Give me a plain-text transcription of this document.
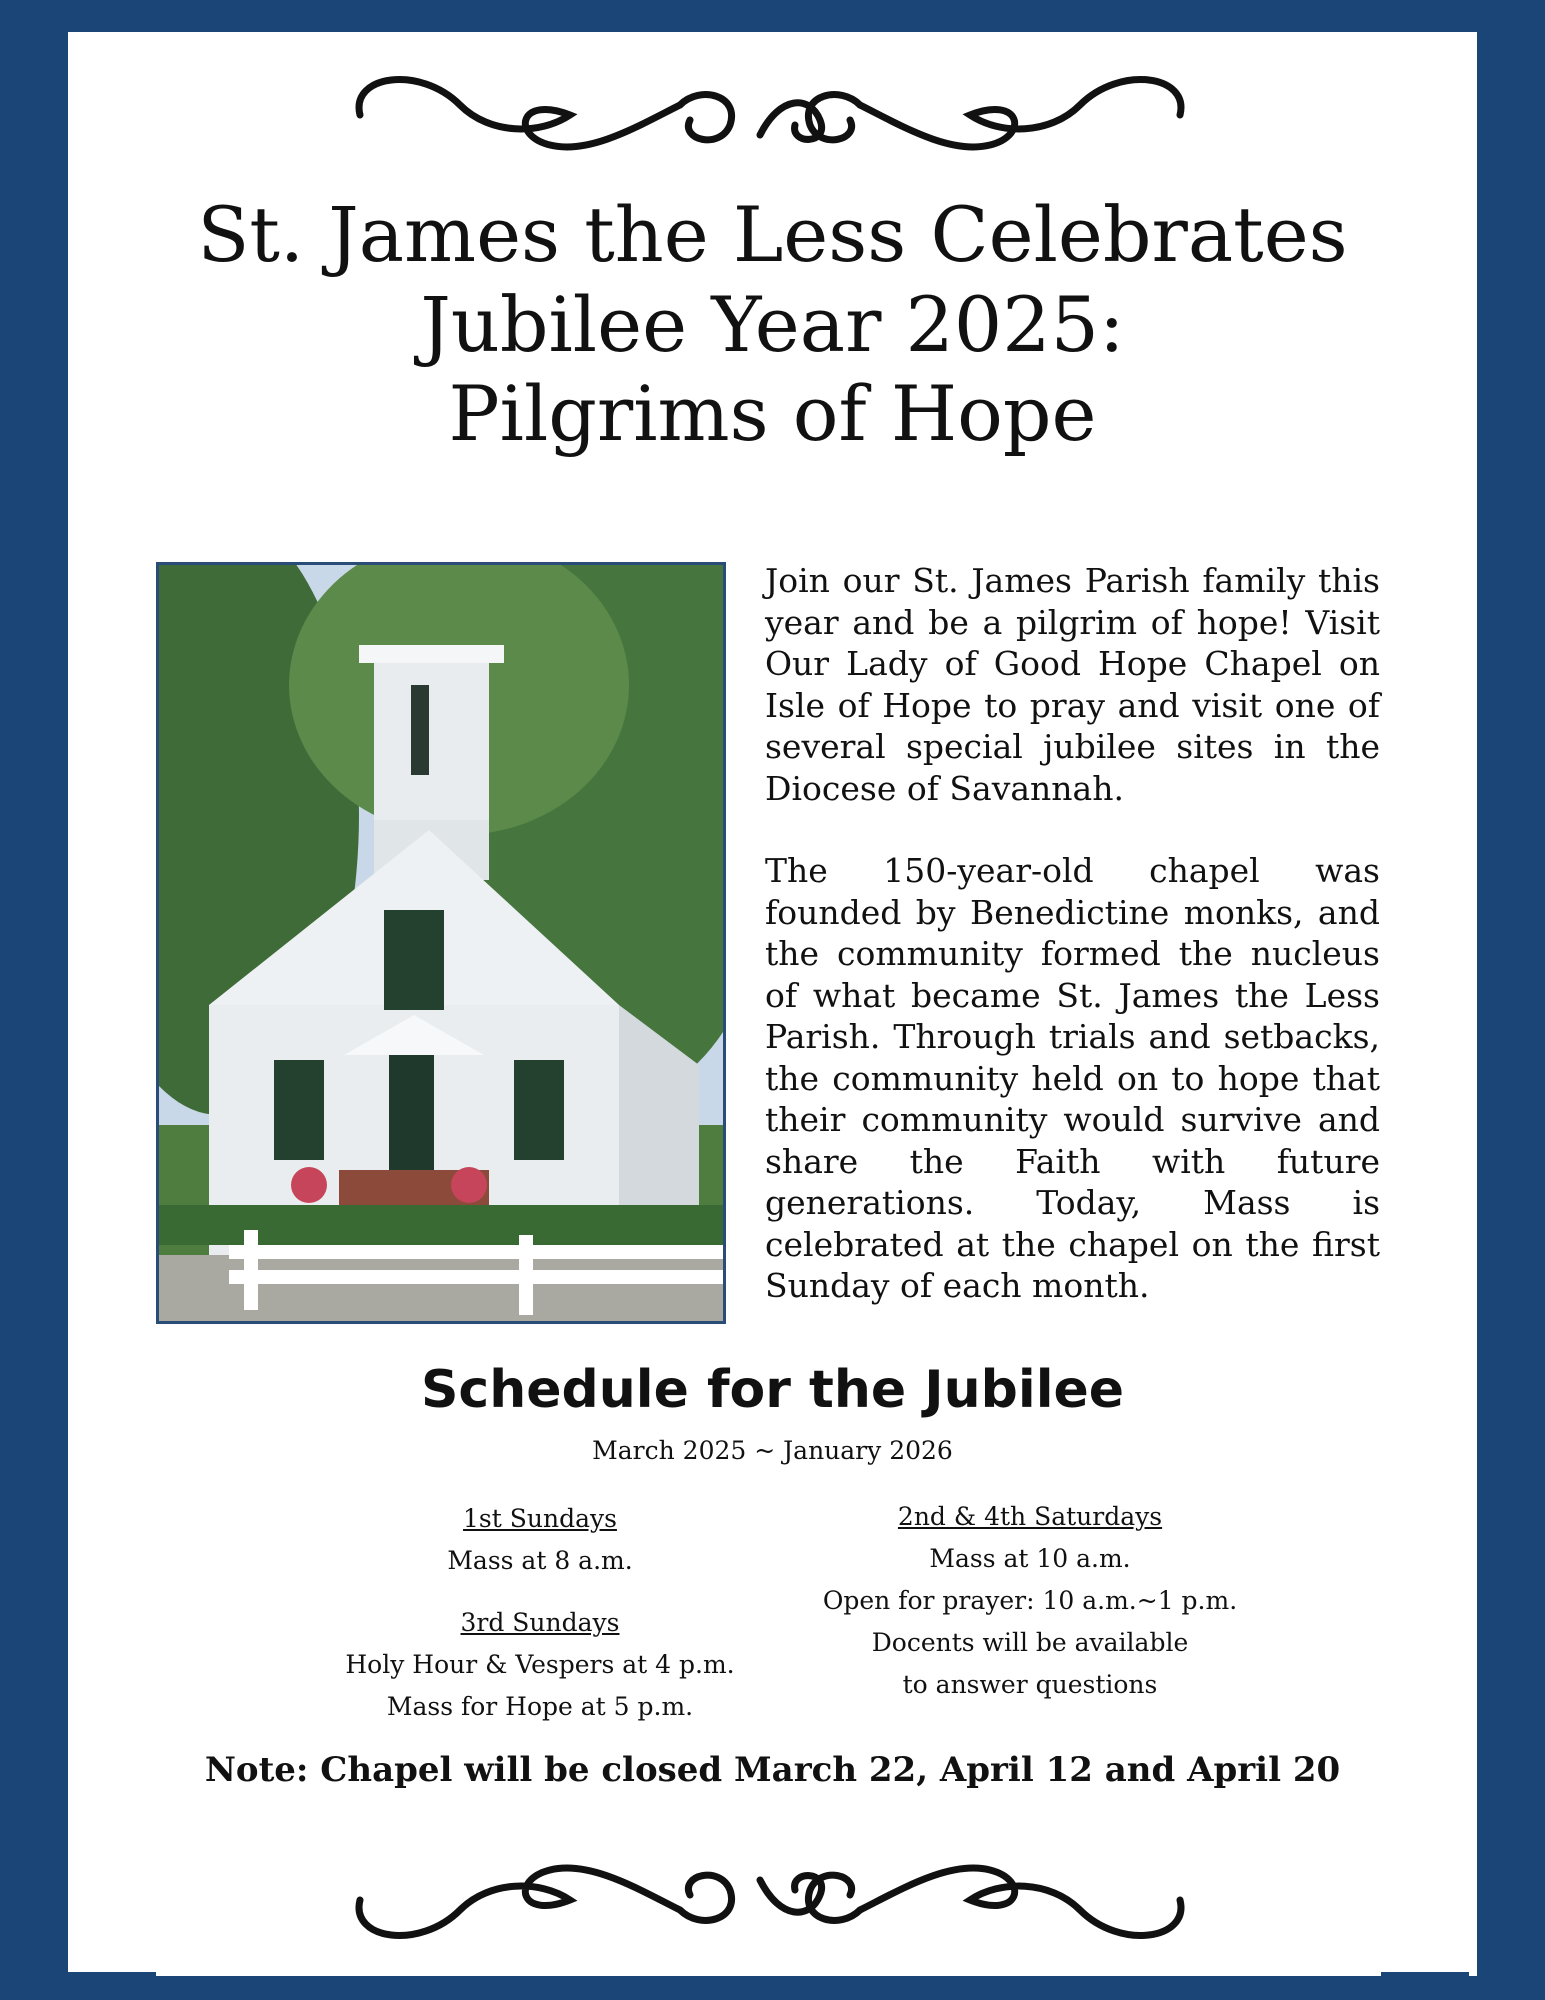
St. James the Less Celebrates
Jubilee Year 2025:
Pilgrims of Hope

Join our St. James Parish family this year and be a pilgrim of hope! Visit Our Lady of Good Hope Chapel on Isle of Hope to pray and visit one of several special jubilee sites in the Diocese of Savannah.

The 150-year-old chapel was founded by Benedictine monks, and the community formed the nucleus of what became St. James the Less Parish. Through trials and setbacks, the community held on to hope that their community would survive and share the Faith with future generations. Today, Mass is celebrated at the chapel on the first Sunday of each month.

Schedule for the Jubilee
March 2025 ~ January 2026
1st Sundays
Mass at 8 a.m.
3rd Sundays
Holy Hour & Vespers at 4 p.m.
Mass for Hope at 5 p.m.
2nd & 4th Saturdays
Mass at 10 a.m.
Open for prayer: 10 a.m.~1 p.m.
Docents will be available
to answer questions
Note: Chapel will be closed March 22, April 12 and April 20
